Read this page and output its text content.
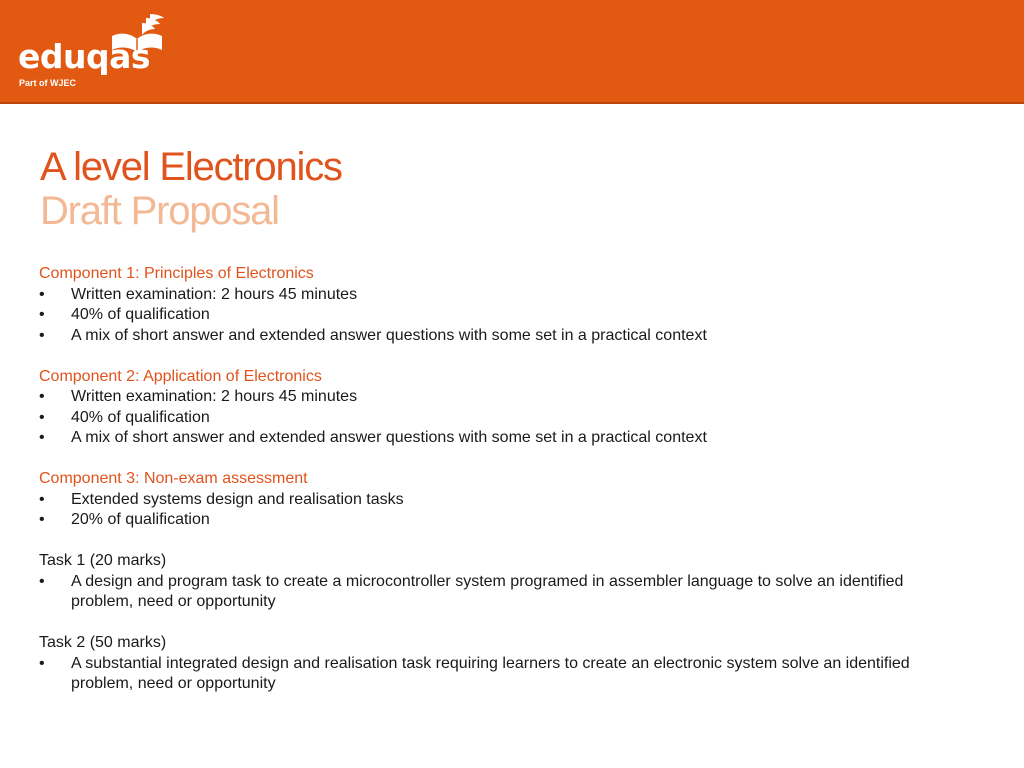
eduqas
Part of WJEC
A level Electronics
Draft Proposal
Component 1: Principles of Electronics
• Written examination: 2 hours 45 minutes
• 40% of qualification
• A mix of short answer and extended answer questions with some set in a practical context
Component 2: Application of Electronics
• Written examination: 2 hours 45 minutes
• 40% of qualification
• A mix of short answer and extended answer questions with some set in a practical context
Component 3: Non-exam assessment
• Extended systems design and realisation tasks
• 20% of qualification
Task 1 (20 marks)
• A design and program task to create a microcontroller system programed in assembler language to solve an identified problem, need or opportunity
Task 2 (50 marks)
• A substantial integrated design and realisation task requiring learners to create an electronic system solve an identified problem, need or opportunity
